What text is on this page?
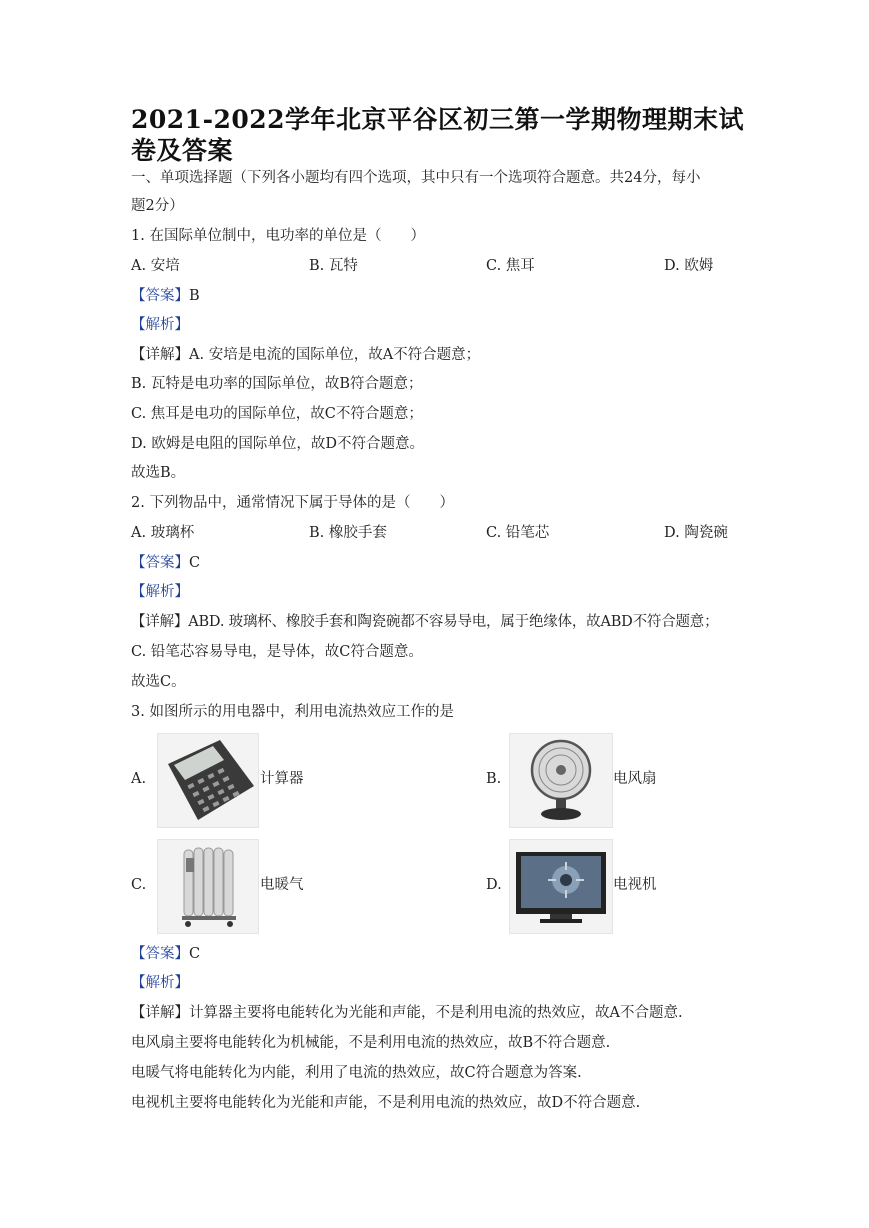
2021-2022学年北京平谷区初三第一学期物理期末试卷及答案
一、单项选择题（下列各小题均有四个选项，其中只有一个选项符合题意。共24分，每小
题2分）
1. 在国际单位制中，电功率的单位是（　　）
A. 安培	B. 瓦特	C. 焦耳	D. 欧姆
【答案】B
【解析】
【详解】A. 安培是电流的国际单位，故A不符合题意；
B. 瓦特是电功率的国际单位，故B符合题意；
C. 焦耳是电功的国际单位，故C不符合题意；
D. 欧姆是电阻的国际单位，故D不符合题意。
故选B。
2. 下列物品中，通常情况下属于导体的是（　　）
A. 玻璃杯	B. 橡胶手套	C. 铅笔芯	D. 陶瓷碗
【答案】C
【解析】
【详解】ABD. 玻璃杯、橡胶手套和陶瓷碗都不容易导电，属于绝缘体，故ABD不符合题意；
C. 铅笔芯容易导电，是导体，故C符合题意。
故选C。
3. 如图所示的用电器中，利用电流热效应工作的是
A.	计算器	B.	电风扇
C.	电暖气	D.	电视机
【答案】C
【解析】
【详解】计算器主要将电能转化为光能和声能，不是利用电流的热效应，故A不合题意.
电风扇主要将电能转化为机械能，不是利用电流的热效应，故B不符合题意.
电暖气将电能转化为内能，利用了电流的热效应，故C符合题意为答案.
电视机主要将电能转化为光能和声能，不是利用电流的热效应，故D不符合题意.
